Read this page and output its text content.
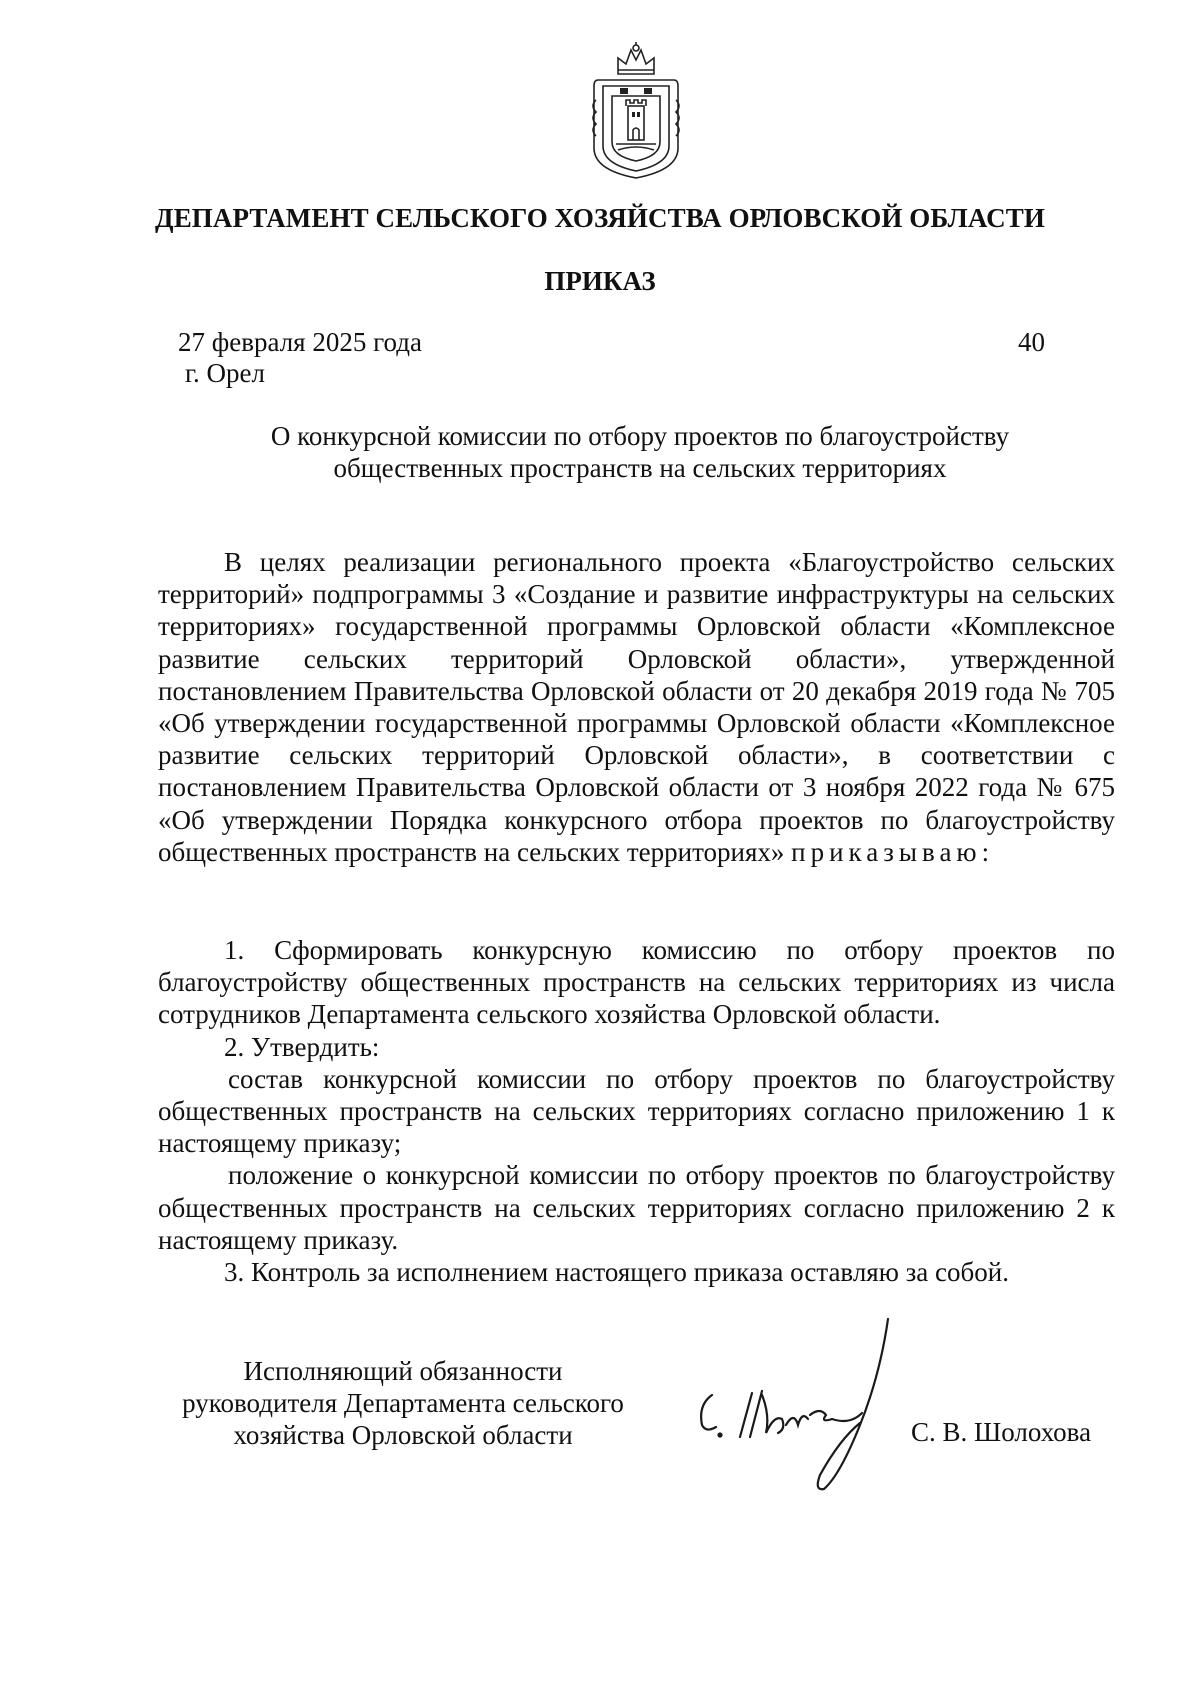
ДЕПАРТАМЕНТ СЕЛЬСКОГО ХОЗЯЙСТВА ОРЛОВСКОЙ ОБЛАСТИ
ПРИКАЗ
27 февраля 2025 года
г. Орел
40
О конкурсной комиссии по отбору проектов по благоустройству
общественных пространств на сельских территориях

В целях реализации регионального проекта «Благоустройство сельских территорий» подпрограммы 3 «Создание и развитие инфраструктуры на сельских территориях» государственной программы Орловской области «Комплексное развитие сельских территорий Орловской области», утвержденной постановлением Правительства Орловской области от 20 декабря 2019 года № 705 «Об утверждении государственной программы Орловской области «Комплексное развитие сельских территорий Орловской области», в соответствии с постановлением Правительства Орловской области от 3 ноября 2022 года № 675 «Об утверждении Порядка конкурсного отбора проектов по благоустройству общественных пространств на сельских территориях» приказываю:

1. Сформировать конкурсную комиссию по отбору проектов по благоустройству общественных пространств на сельских территориях из числа сотрудников Департамента сельского хозяйства Орловской области.

2. Утвердить:

состав конкурсной комиссии по отбору проектов по благоустройству общественных пространств на сельских территориях согласно приложению 1 к настоящему приказу;

положение о конкурсной комиссии по отбору проектов по благоустройству общественных пространств на сельских территориях согласно приложению 2 к настоящему приказу.

3. Контроль за исполнением настоящего приказа оставляю за собой.

Исполняющий обязанности
руководителя Департамента сельского
хозяйства Орловской области	С. В. Шолохова
